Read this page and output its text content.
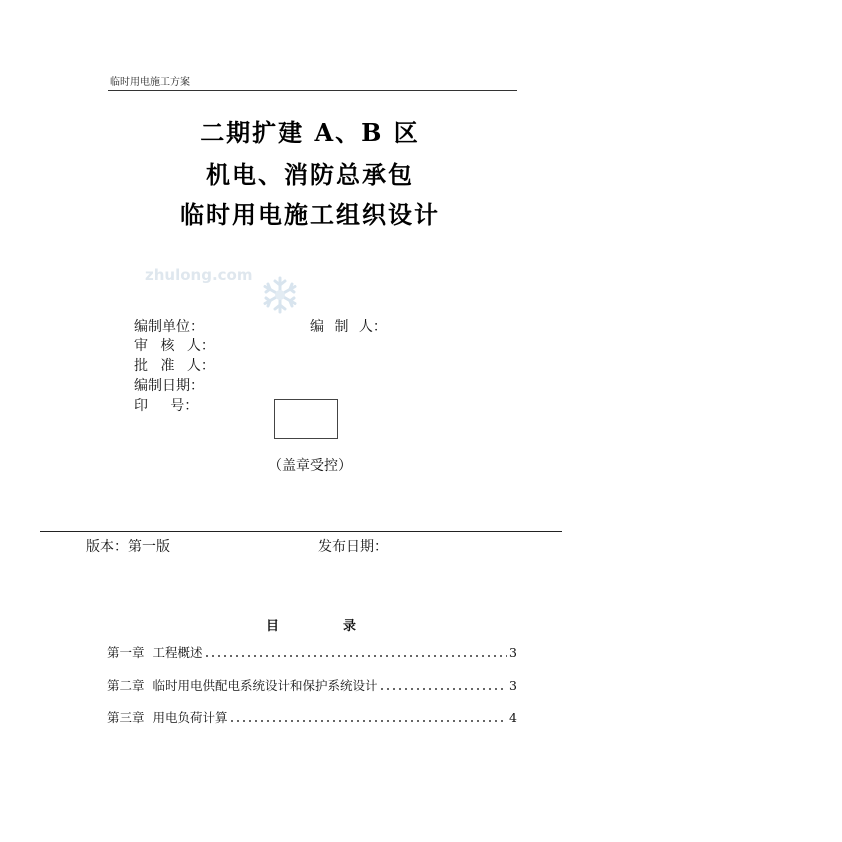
临时用电施工方案
二期扩建 A、B 区
机电、消防总承包
临时用电施工组织设计
zhulong.com

编制单位：	编 制 人：
审 核 人：
批 准 人：
编制日期：
印     号：
（盖章受控）
版本：第一版	发布日期：
目	录
第一章  工程概述	3
第二章  临时用电供配电系统设计和保护系统设计	3
第三章  用电负荷计算	4
